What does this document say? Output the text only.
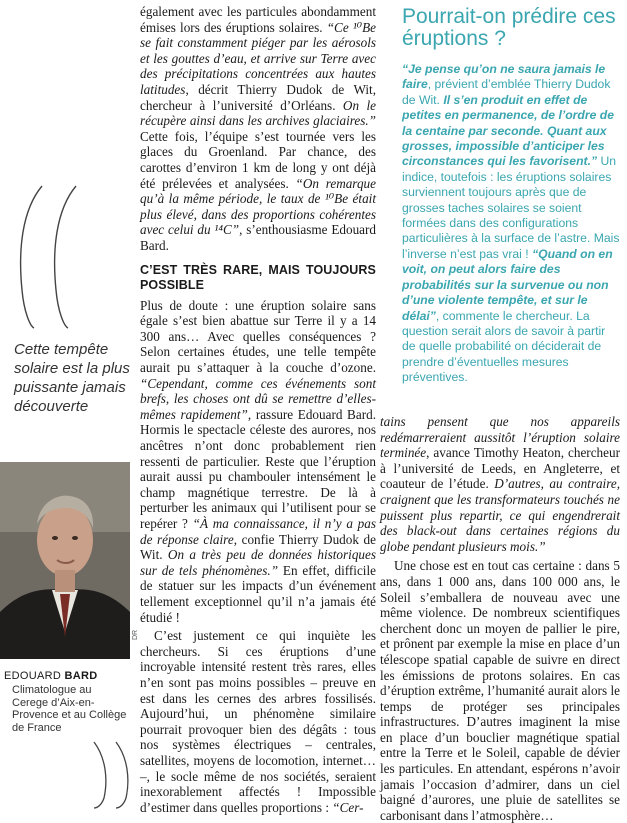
Cette tempête solaire est la plus puissante jamais découverte
DR
EDOUARD BARD
Climatologue au Cerege d’Aix-en-Provence et au Collège de France

également avec les particules abondamment émises lors des éruptions solaires. “Ce ¹⁰Be se fait constamment piéger par les aérosols et les gouttes d’eau, et arrive sur Terre avec des précipitations concentrées aux hautes latitudes, décrit Thierry Dudok de Wit, chercheur à l’université d’Orléans. On le récupère ainsi dans les archives glaciaires.” Cette fois, l’équipe s’est tournée vers les glaces du Groenland. Par chance, des carottes d’environ 1 km de long y ont déjà été prélevées et analysées. “On remarque qu’à la même période, le taux de ¹⁰Be était plus élevé, dans des proportions cohérentes avec celui du ¹⁴C”, s’enthousiasme Edouard Bard.

C’EST TRÈS RARE, MAIS TOUJOURS POSSIBLE

Plus de doute : une éruption solaire sans égale s’est bien abattue sur Terre il y a 14 300 ans… Avec quelles conséquences ? Selon certaines études, une telle tempête aurait pu s’attaquer à la couche d’ozone. “Cependant, comme ces événements sont brefs, les choses ont dû se remettre d’elles-mêmes rapidement”, rassure Edouard Bard. Hormis le spectacle céleste des aurores, nos ancêtres n’ont donc probablement rien ressenti de particulier. Reste que l’éruption aurait aussi pu chambouler intensément le champ magnétique terrestre. De là à perturber les animaux qui l’utilisent pour se repérer ? “À ma connaissance, il n’y a pas de réponse claire, confie Thierry Dudok de Wit. On a très peu de données historiques sur de tels phénomènes.” En effet, difficile de statuer sur les impacts d’un événement tellement exceptionnel qu’il n’a jamais été étudié !

C’est justement ce qui inquiète les chercheurs. Si ces éruptions d’une incroyable intensité restent très rares, elles n’en sont pas moins possibles – preuve en est dans les cernes des arbres fossilisés. Aujourd’hui, un phénomène similaire pourrait provoquer bien des dégâts : tous nos systèmes électriques – centrales, satellites, moyens de locomotion, internet… –, le socle même de nos sociétés, seraient inexorablement affectés ! Impossible d’estimer dans quelles proportions : “Cer-

Pourrait-on prédire ces éruptions ?
“Je pense qu’on ne saura jamais le faire, prévient d’emblée Thierry Dudok de Wit. Il s’en produit en effet de petites en permanence, de l’ordre de la centaine par seconde. Quant aux grosses, impossible d’anticiper les circonstances qui les favorisent.” Un indice, toutefois : les éruptions solaires surviennent toujours après que de grosses taches solaires se soient formées dans des configurations particulières à la surface de l’astre. Mais l’inverse n’est pas vrai ! “Quand on en voit, on peut alors faire des probabilités sur la survenue ou non d’une violente tempête, et sur le délai”, commente le chercheur. La question serait alors de savoir à partir de quelle probabilité on déciderait de prendre d’éventuelles mesures préventives.

tains pensent que nos appareils redémarreraient aussitôt l’éruption solaire terminée, avance Timothy Heaton, chercheur à l’université de Leeds, en Angleterre, et coauteur de l’étude. D’autres, au contraire, craignent que les transformateurs touchés ne puissent plus repartir, ce qui engendrerait des black-out dans certaines régions du globe pendant plusieurs mois.”

Une chose est en tout cas certaine : dans 5 ans, dans 1 000 ans, dans 100 000 ans, le Soleil s’emballera de nouveau avec une même violence. De nombreux scientifiques cherchent donc un moyen de pallier le pire, et prônent par exemple la mise en place d’un télescope spatial capable de suivre en direct les émissions de protons solaires. En cas d’éruption extrême, l’humanité aurait alors le temps de protéger ses principales infrastructures. D’autres imaginent la mise en place d’un bouclier magnétique spatial entre la Terre et le Soleil, capable de dévier les particules. En attendant, espérons n’avoir jamais l’occasion d’admirer, dans un ciel baigné d’aurores, une pluie de satellites se carbonisant dans l’atmosphère…
